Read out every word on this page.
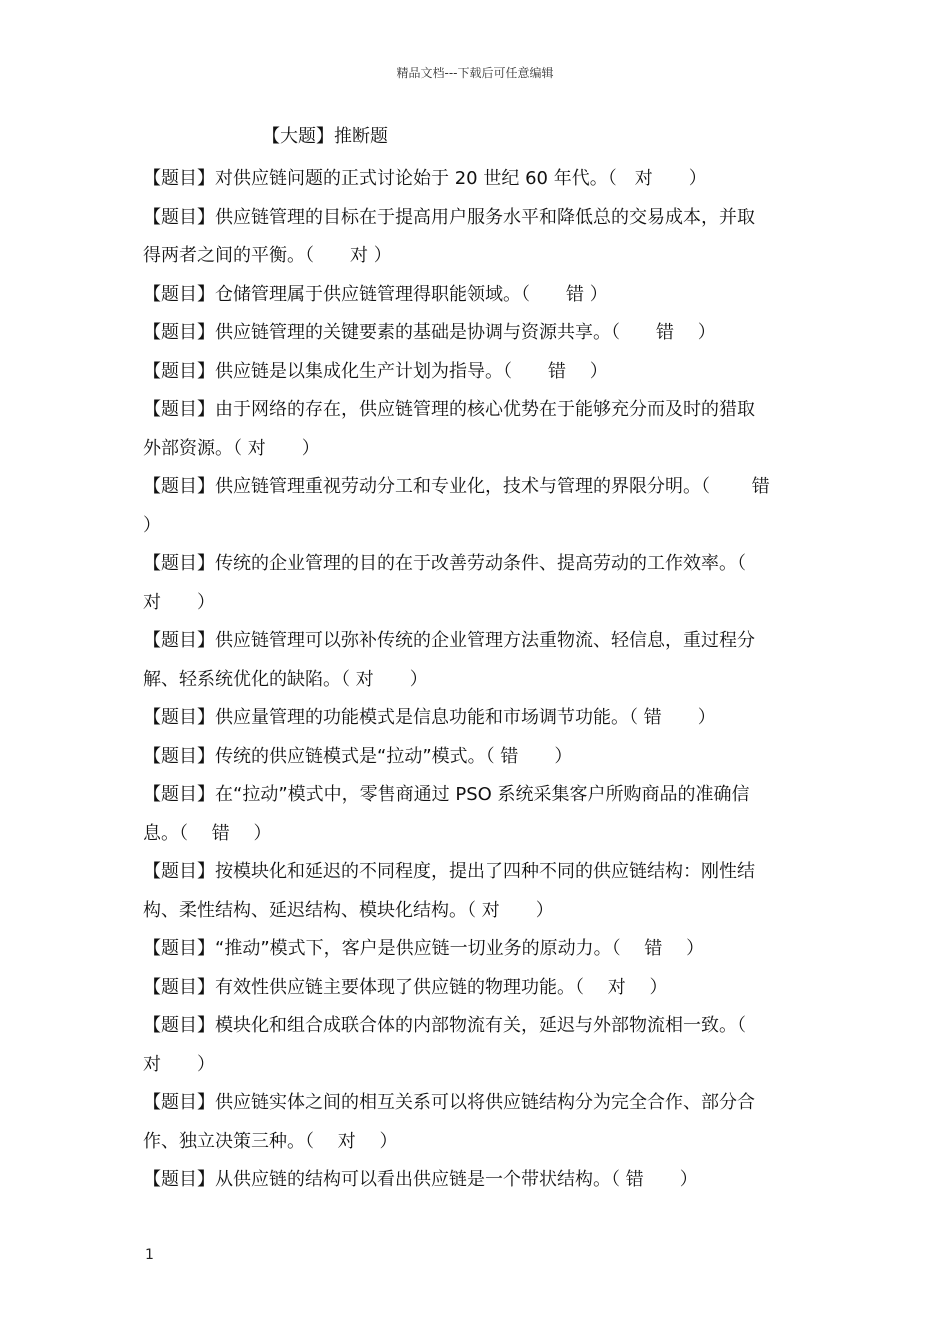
精品文档---下载后可任意编辑
【大题】推断题
【题目】对供应链问题的正式讨论始于 20 世纪 60 年代。（　对　　）
【题目】供应链管理的目标在于提高用户服务水平和降低总的交易成本，并取
得两者之间的平衡。（　　对 ）
【题目】仓储管理属于供应链管理得职能领域。（　　错 ）
【题目】供应链管理的关键要素的基础是协调与资源共享。（　　错　 ）
【题目】供应链是以集成化生产计划为指导。（　　错　 ）
【题目】由于网络的存在，供应链管理的核心优势在于能够充分而及时的猎取
外部资源。（ 对　　）
【题目】供应链管理重视劳动分工和专业化，技术与管理的界限分明。（　　 错
）
【题目】传统的企业管理的目的在于改善劳动条件、提高劳动的工作效率。（
对　　）
【题目】供应链管理可以弥补传统的企业管理方法重物流、轻信息，重过程分
解、轻系统优化的缺陷。（ 对　　）
【题目】供应量管理的功能模式是信息功能和市场调节功能。（ 错　　）
【题目】传统的供应链模式是“拉动”模式。（ 错　　）
【题目】在“拉动”模式中，零售商通过 PSO 系统采集客户所购商品的准确信
息。（　 错　 ）
【题目】按模块化和延迟的不同程度，提出了四种不同的供应链结构：刚性结
构、柔性结构、延迟结构、模块化结构。（ 对　　）
【题目】“推动”模式下，客户是供应链一切业务的原动力。（　 错　 ）
【题目】有效性供应链主要体现了供应链的物理功能。（　 对　 ）
【题目】模块化和组合成联合体的内部物流有关，延迟与外部物流相一致。（
对　　）
【题目】供应链实体之间的相互关系可以将供应链结构分为完全合作、部分合
作、独立决策三种。（　 对　 ）
【题目】从供应链的结构可以看出供应链是一个带状结构。（ 错　　）
1
